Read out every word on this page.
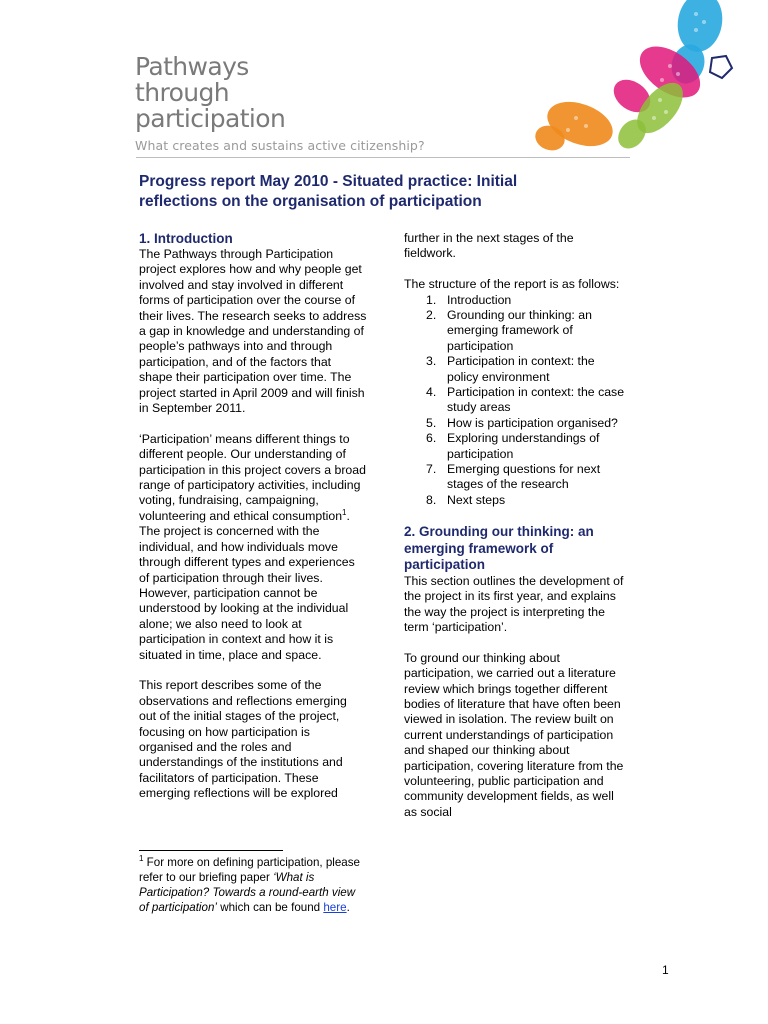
Pathways
through
participation
What creates and sustains active citizenship?
Progress report May 2010 - Situated practice: Initial reflections on the organisation of participation
1. Introduction

The Pathways through Participation project explores how and why people get involved and stay involved in different forms of participation over the course of their lives. The research seeks to address a gap in knowledge and understanding of people’s pathways into and through participation, and of the factors that shape their participation over time. The project started in April 2009 and will finish in September 2011.

‘Participation’ means different things to different people. Our understanding of participation in this project covers a broad range of participatory activities, including voting, fundraising, campaigning, volunteering and ethical consumption$^1$. The project is concerned with the individual, and how individuals move through different types and experiences of participation through their lives. However, participation cannot be understood by looking at the individual alone; we also need to look at participation in context and how it is situated in time, place and space.

This report describes some of the observations and reflections emerging out of the initial stages of the project, focusing on how participation is organised and the roles and understandings of the institutions and facilitators of participation. These emerging reflections will be explored

further in the next stages of the fieldwork.

The structure of the report is as follows:

1. Introduction
2. Grounding our thinking: an emerging framework of participation
3. Participation in context: the policy environment
4. Participation in context: the case study areas
5. How is participation organised?
6. Exploring understandings of participation
7. Emerging questions for next stages of the research
8. Next steps
2. Grounding our thinking: an emerging framework of participation

This section outlines the development of the project in its first year, and explains the way the project is interpreting the term ‘participation’.

To ground our thinking about participation, we carried out a literature review which brings together different bodies of literature that have often been viewed in isolation. The review built on current understandings of participation and shaped our thinking about participation, covering literature from the volunteering, public participation and community development fields, as well as social

$^1$ For more on defining participation, please refer to our briefing paper ‘What is Participation? Towards a round-earth view of participation’ which can be found here.
1
